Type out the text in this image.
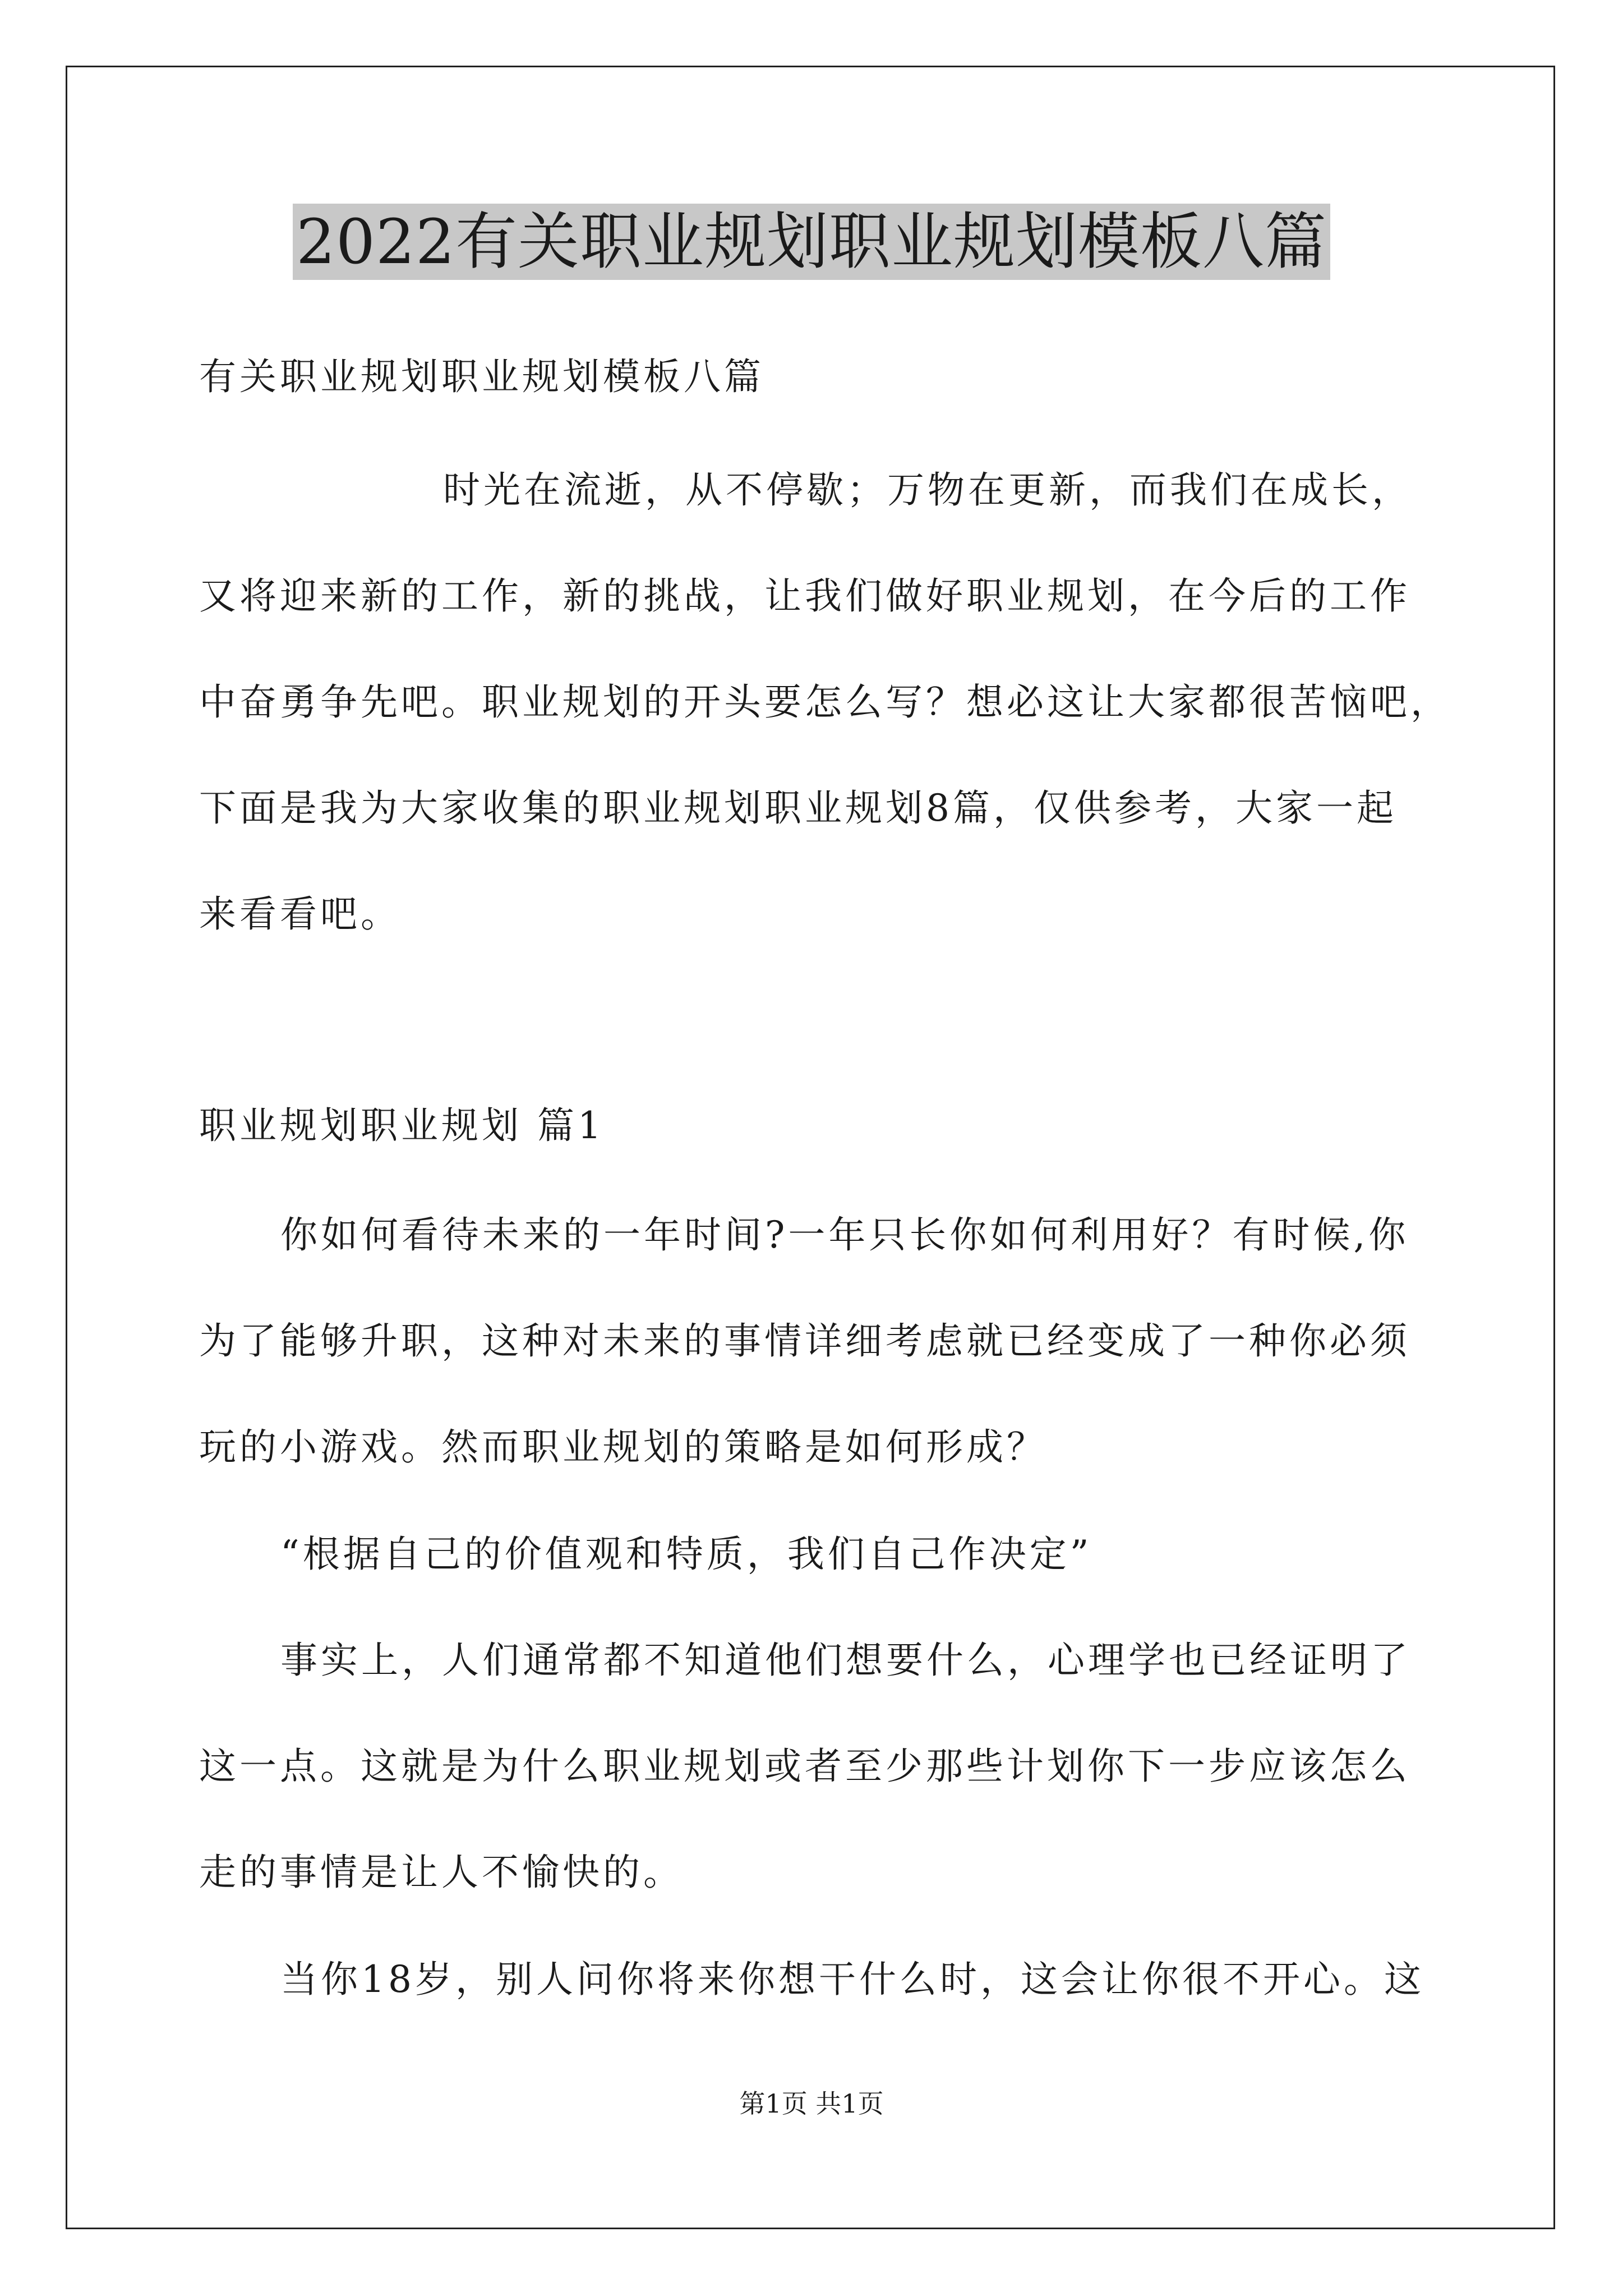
2022有关职业规划职业规划模板八篇
有关职业规划职业规划模板八篇
时光在流逝，从不停歇；万物在更新，而我们在成长，
又将迎来新的工作，新的挑战，让我们做好职业规划，在今后的工作
中奋勇争先吧。职业规划的开头要怎么写？想必这让大家都很苦恼吧，
下面是我为大家收集的职业规划职业规划8篇，仅供参考，大家一起
来看看吧。
职业规划职业规划 篇1
你如何看待未来的一年时间?一年只长你如何利用好？有时候,你
为了能够升职，这种对未来的事情详细考虑就已经变成了一种你必须
玩的小游戏。然而职业规划的策略是如何形成？
“根据自己的价值观和特质，我们自己作决定”
事实上，人们通常都不知道他们想要什么，心理学也已经证明了
这一点。这就是为什么职业规划或者至少那些计划你下一步应该怎么
走的事情是让人不愉快的。
当你18岁，别人问你将来你想干什么时，这会让你很不开心。这
第1页 共1页
